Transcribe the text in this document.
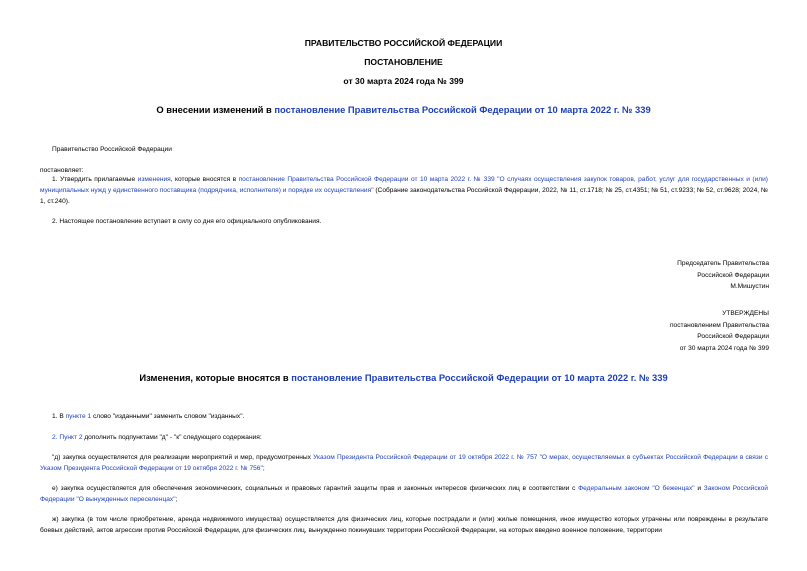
ПРАВИТЕЛЬСТВО РОССИЙСКОЙ ФЕДЕРАЦИИ
ПОСТАНОВЛЕНИЕ
от 30 марта 2024 года № 399
О внесении изменений в постановление Правительства Российской Федерации от 10 марта 2022 г. № 339
Правительство Российской Федерации
постановляет:
1. Утвердить прилагаемые изменения, которые вносятся в постановление Правительства Российской Федерации от 10 марта 2022 г. № 339 "О случаях осуществления закупок товаров, работ, услуг для государственных и (или) муниципальных нужд у единственного поставщика (подрядчика, исполнителя) и порядке их осуществления" (Собрание законодательства Российской Федерации, 2022, № 11, ст.1718; № 25, ст.4351; № 51, ст.9233; № 52, ст.9628; 2024, № 1, ст.240).
2. Настоящее постановление вступает в силу со дня его официального опубликования.
Председатель Правительства
Российской Федерации
М.Мишустин
УТВЕРЖДЕНЫ
постановлением Правительства
Российской Федерации
от 30 марта 2024 года № 399
Изменения, которые вносятся в постановление Правительства Российской Федерации от 10 марта 2022 г. № 339
1. В пункте 1 слово "изданными" заменить словом "изданных".
2. Пункт 2 дополнить подпунктами "д" - "к" следующего содержания:
"д) закупка осуществляется для реализации мероприятий и мер, предусмотренных Указом Президента Российской Федерации от 19 октября 2022 г. № 757 "О мерах, осуществляемых в субъектах Российской Федерации в связи с Указом Президента Российской Федерации от 19 октября 2022 г. № 756";
е) закупка осуществляется для обеспечения экономических, социальных и правовых гарантий защиты прав и законных интересов физических лиц в соответствии с Федеральным законом "О беженцах" и Законом Российской Федерации "О вынужденных переселенцах";
ж) закупка (в том числе приобретение, аренда недвижимого имущества) осуществляется для физических лиц, которые пострадали и (или) жилые помещения, иное имущество которых утрачены или повреждены в результате боевых действий, актов агрессии против Российской Федерации, для физических лиц, вынужденно покинувших территории Российской Федерации, на которых введено военное положение, территории
